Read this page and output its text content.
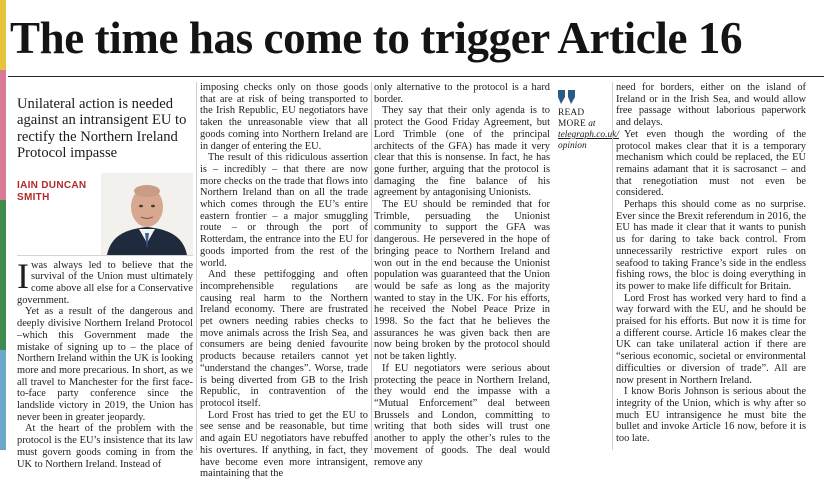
The time has come to trigger Article 16
Unilateral action is needed against an intransigent EU to rectify the Northern Ireland Protocol impasse
IAIN DUNCAN
SMITH

Iwas always led to believe that the survival of the Union must ultimately come above all else for a Conservative government.

Yet as a result of the dangerous and deeply divisive Northern Ireland Protocol –which this Government made the mistake of signing up to – the place of Northern Ireland within the UK is looking more and more precarious. In short, as we all travel to Manchester for the first face-to-face party conference since the landslide victory in 2019, the Union has never been in greater jeopardy.

At the heart of the problem with the protocol is the EU’s insistence that its law must govern goods coming in from the UK to Northern Ireland. Instead of

imposing checks only on those goods that are at risk of being transported to the Irish Republic, EU negotiators have taken the unreasonable view that all goods coming into Northern Ireland are in danger of entering the EU.

The result of this ridiculous assertion is – incredibly – that there are now more checks on the trade that flows into Northern Ireland than on all the trade which comes through the EU’s entire eastern frontier – a major smuggling route – or through the port of Rotterdam, the entrance into the EU for goods imported from the rest of the world.

And these pettifogging and often incomprehensible regulations are causing real harm to the Northern Ireland economy. There are frustrated pet owners needing rabies checks to move animals across the Irish Sea, and consumers are being denied favourite products because retailers cannot yet “understand the changes”. Worse, trade is being diverted from GB to the Irish Republic, in contravention of the protocol itself.

Lord Frost has tried to get the EU to see sense and be reasonable, but time and again EU negotiators have rebuffed his overtures. If anything, in fact, they have become even more intransigent, maintaining that the

only alternative to the protocol is a hard border.

They say that their only agenda is to protect the Good Friday Agreement, but Lord Trimble (one of the principal architects of the GFA) has made it very clear that this is nonsense. In fact, he has gone further, arguing that the protocol is damaging the fine balance of his agreement by antagonising Unionists.

The EU should be reminded that for Trimble, persuading the Unionist community to support the GFA was dangerous. He persevered in the hope of bringing peace to Northern Ireland and won out in the end because the Unionist population was guaranteed that the Union would be safe as long as the majority wanted to stay in the UK. For his efforts, he received the Nobel Peace Prize in 1998. So the fact that he believes the assurances he was given back then are now being broken by the protocol should not be taken lightly.

If EU negotiators were serious about protecting the peace in Northern Ireland, they would end the impasse with a “Mutual Enforcement” deal between Brussels and London, committing to writing that both sides will trust one another to apply the other’s rules to the movement of goods. The deal would remove any

READ MORE at
telegraph.co.uk/
opinion

need for borders, either on the island of Ireland or in the Irish Sea, and would allow free passage without laborious paperwork and delays.

Yet even though the wording of the protocol makes clear that it is a temporary mechanism which could be replaced, the EU remains adamant that it is sacrosanct – and that renegotiation must not even be considered.

Perhaps this should come as no surprise. Ever since the Brexit referendum in 2016, the EU has made it clear that it wants to punish us for daring to take back control. From unnecessarily restrictive export rules on seafood to taking France’s side in the endless fishing rows, the bloc is doing everything in its power to make life difficult for Britain.

Lord Frost has worked very hard to find a way forward with the EU, and he should be praised for his efforts. But now it is time for a different course. Article 16 makes clear the UK can take unilateral action if there are “serious economic, societal or environmental difficulties or diversion of trade”. All are now present in Northern Ireland.

I know Boris Johnson is serious about the integrity of the Union, which is why after so much EU intransigence he must bite the bullet and invoke Article 16 now, before it is too late.
